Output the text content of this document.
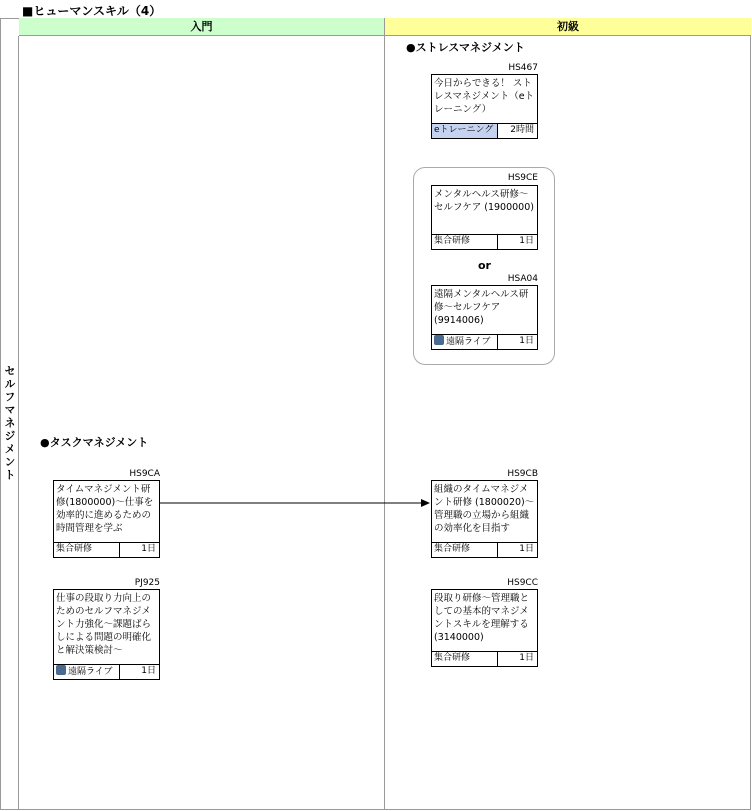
■ヒューマンスキル（4）
入門	初級
セルフマネジメント
●ストレスマネジメント
HS467
今日からできる！ ストレスマネジメント（eトレーニング）
eトレーニング	2時間
HS9CE
メンタルヘルス研修～セルフケア (1900000)
集合研修	1日
or
HSA04
遠隔メンタルヘルス研修～セルフケア (9914006)
遠隔ライブ	1日
●タスクマネジメント
HS9CA
タイムマネジメント研修(1800000)～仕事を効率的に進めるための時間管理を学ぶ
集合研修	1日
PJ925
仕事の段取り力向上のためのセルフマネジメント力強化～課題ばらしによる問題の明確化と解決策検討～
遠隔ライブ	1日
HS9CB
組織のタイムマネジメント研修 (1800020)～管理職の立場から組織の効率化を目指す
集合研修	1日
HS9CC
段取り研修～管理職としての基本的マネジメントスキルを理解する (3140000)
集合研修	1日
